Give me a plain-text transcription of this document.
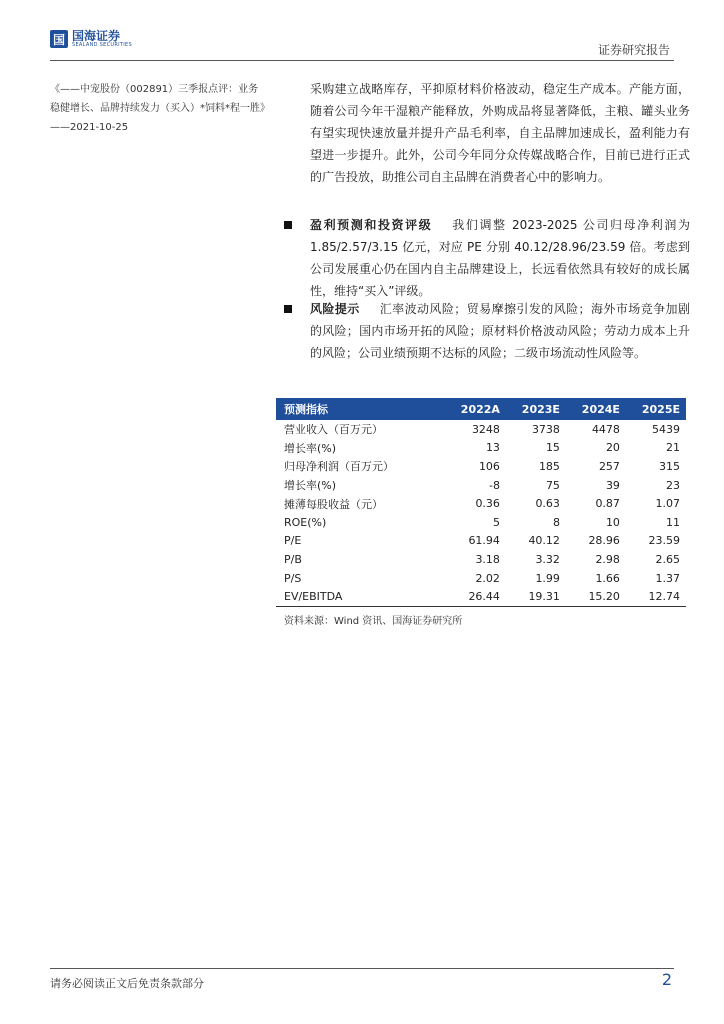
国 国海证券
SEALAND SECURITIES	证券研究报告
《——中宠股份（002891）三季报点评：业务稳健增长、品牌持续发力（买入）*饲料*程一胜》——2021-10-25
采购建立战略库存，平抑原材料价格波动，稳定生产成本。产能方面，随着公司今年干湿粮产能释放，外购成品将显著降低，主粮、罐头业务有望实现快速放量并提升产品毛利率，自主品牌加速成长，盈利能力有望进一步提升。此外，公司今年同分众传媒战略合作，目前已进行正式的广告投放，助推公司自主品牌在消费者心中的影响力。
盈利预测和投资评级 我们调整 2023-2025 公司归母净利润为1.85/2.57/3.15 亿元，对应 PE 分别 40.12/28.96/23.59 倍。考虑到公司发展重心仍在国内自主品牌建设上，长远看依然具有较好的成长属性，维持“买入”评级。
风险提示 汇率波动风险；贸易摩擦引发的风险；海外市场竞争加剧的风险；国内市场开拓的风险；原材料价格波动风险；劳动力成本上升的风险；公司业绩预期不达标的风险；二级市场流动性风险等。
预测指标	2022A	2023E	2024E	2025E
营业收入（百万元）	3248	3738	4478	5439
增长率(%)	13	15	20	21
归母净利润（百万元）	106	185	257	315
增长率(%)	-8	75	39	23
摊薄每股收益（元）	0.36	0.63	0.87	1.07
ROE(%)	5	8	10	11
P/E	61.94	40.12	28.96	23.59
P/B	3.18	3.32	2.98	2.65
P/S	2.02	1.99	1.66	1.37
EV/EBITDA	26.44	19.31	15.20	12.74
资料来源：Wind 资讯、国海证券研究所
请务必阅读正文后免责条款部分	2
